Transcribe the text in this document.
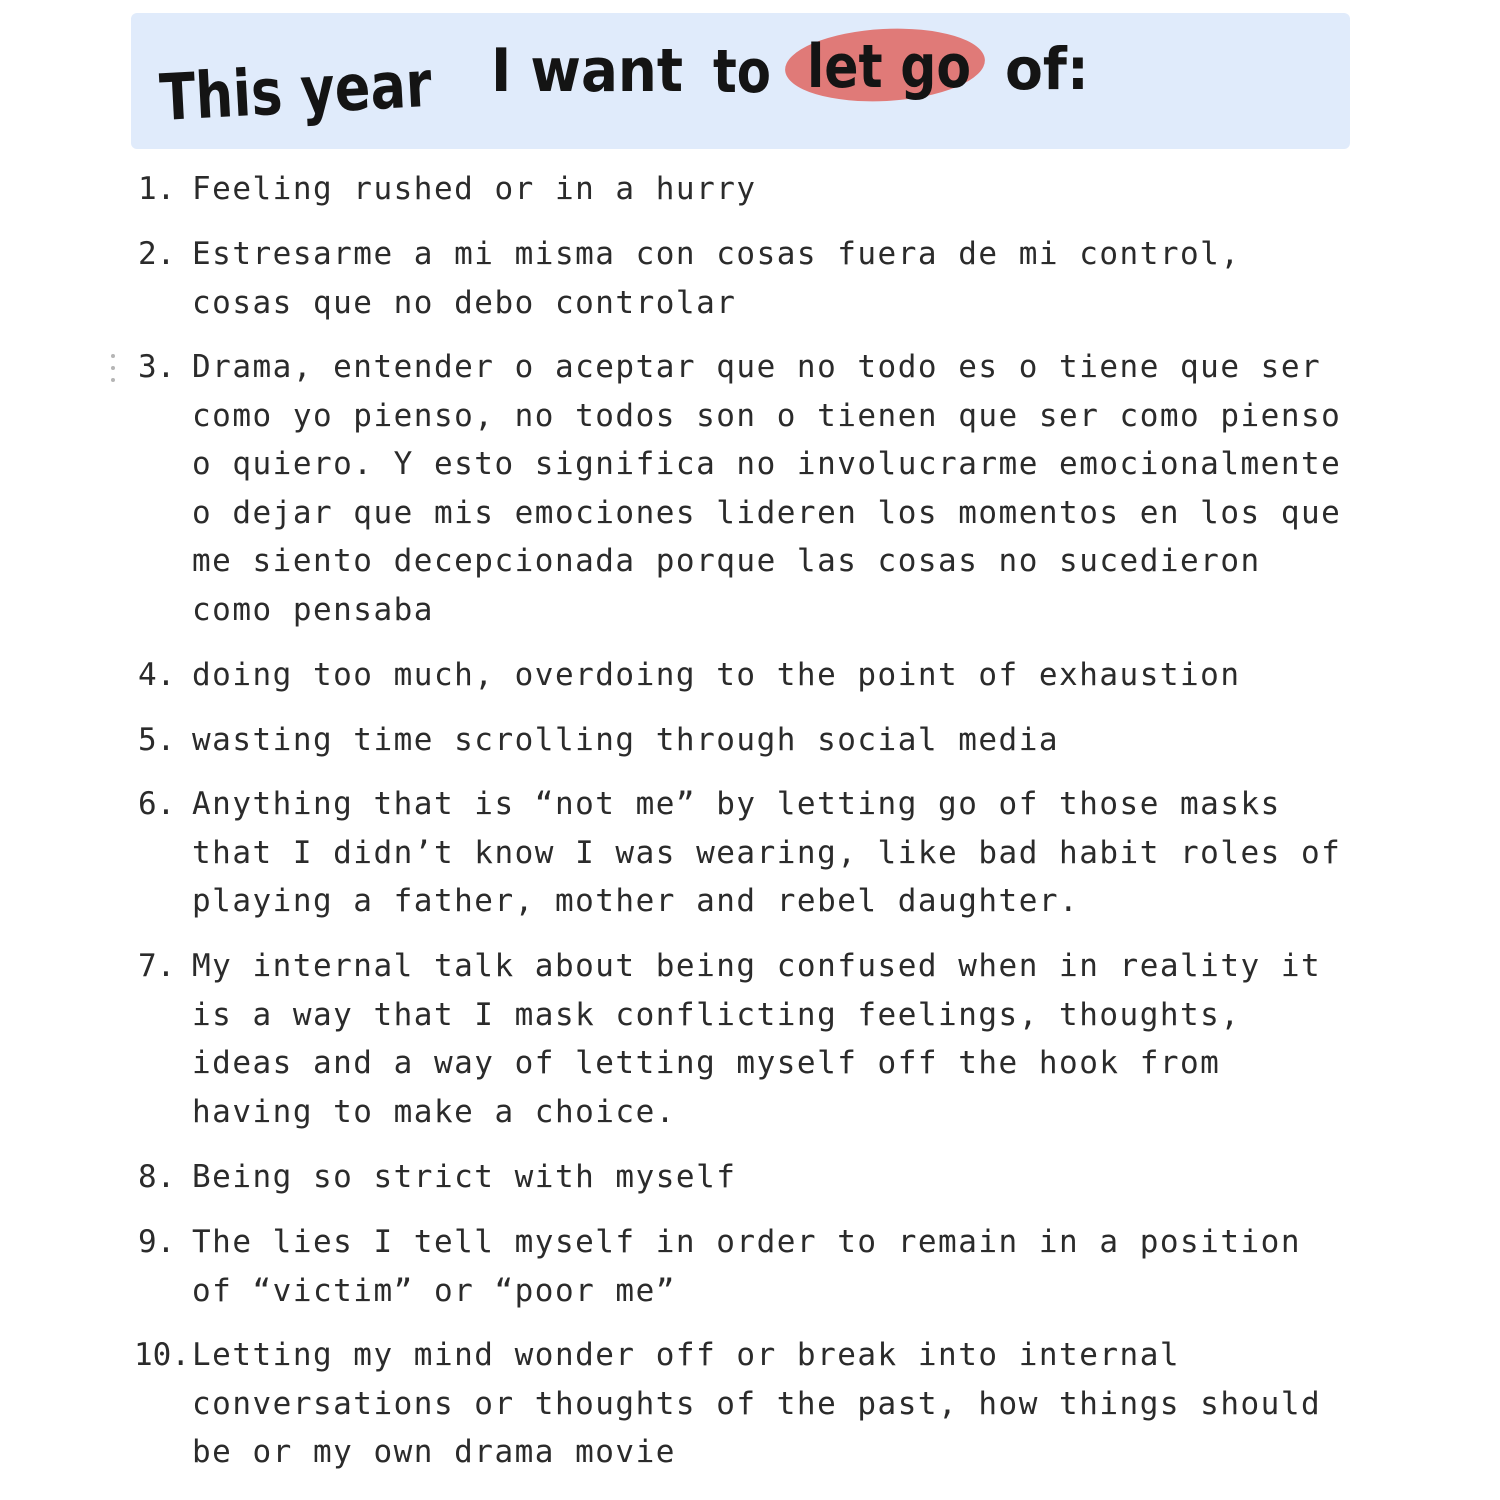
This year
I want to let go of:
1. Feeling rushed or in a hurry
2. Estresarme a mi misma con cosas fuera de mi control,
cosas que no debo controlar
3. Drama, entender o aceptar que no todo es o tiene que ser
como yo pienso, no todos son o tienen que ser como pienso
o quiero. Y esto significa no involucrarme emocionalmente
o dejar que mis emociones lideren los momentos en los que
me siento decepcionada porque las cosas no sucedieron
como pensaba
4. doing too much, overdoing to the point of exhaustion
5. wasting time scrolling through social media
6. Anything that is “not me” by letting go of those masks
that I didn’t know I was wearing, like bad habit roles of
playing a father, mother and rebel daughter.
7. My internal talk about being confused when in reality it
is a way that I mask conflicting feelings, thoughts,
ideas and a way of letting myself off the hook from
having to make a choice.
8. Being so strict with myself
9. The lies I tell myself in order to remain in a position
of “victim” or “poor me”
10. Letting my mind wonder off or break into internal
conversations or thoughts of the past, how things should
be or my own drama movie
